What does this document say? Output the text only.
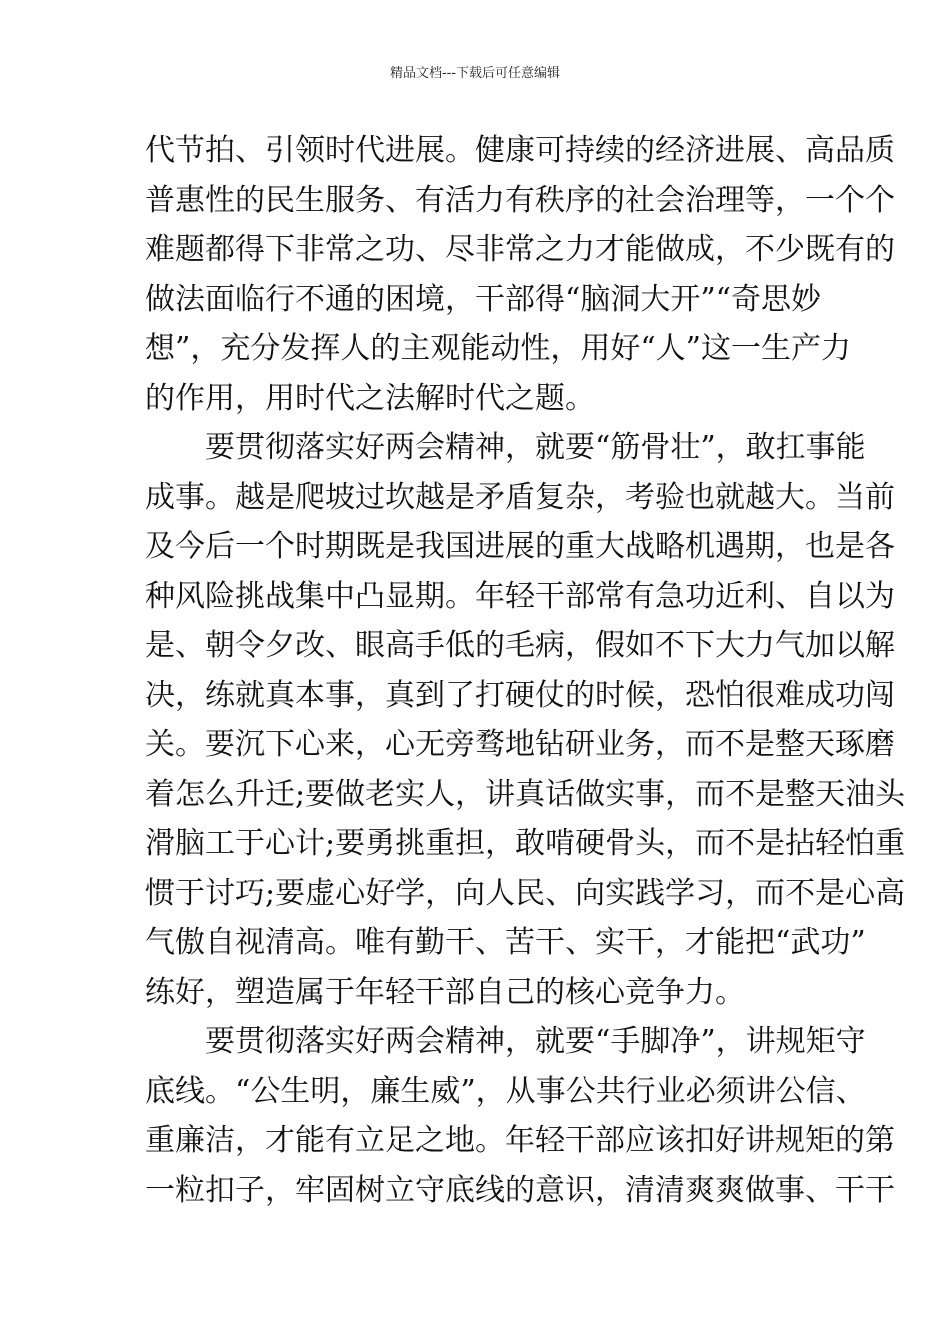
精品文档---下载后可任意编辑
代节拍、引领时代进展。健康可持续的经济进展、高品质
普惠性的民生服务、有活力有秩序的社会治理等，一个个
难题都得下非常之功、尽非常之力才能做成，不少既有的
做法面临行不通的困境，干部得“脑洞大开”“奇思妙
想”，充分发挥人的主观能动性，用好“人”这一生产力
的作用，用时代之法解时代之题。
要贯彻落实好两会精神，就要“筋骨壮”，敢扛事能
成事。越是爬坡过坎越是矛盾复杂，考验也就越大。当前
及今后一个时期既是我国进展的重大战略机遇期，也是各
种风险挑战集中凸显期。年轻干部常有急功近利、自以为
是、朝令夕改、眼高手低的毛病，假如不下大力气加以解
决，练就真本事，真到了打硬仗的时候，恐怕很难成功闯
关。要沉下心来，心无旁骛地钻研业务，而不是整天琢磨
着怎么升迁;要做老实人，讲真话做实事，而不是整天油头
滑脑工于心计;要勇挑重担，敢啃硬骨头，而不是拈轻怕重
惯于讨巧;要虚心好学，向人民、向实践学习，而不是心高
气傲自视清高。唯有勤干、苦干、实干，才能把“武功”
练好，塑造属于年轻干部自己的核心竞争力。
要贯彻落实好两会精神，就要“手脚净”，讲规矩守
底线。“公生明，廉生威”，从事公共行业必须讲公信、
重廉洁，才能有立足之地。年轻干部应该扣好讲规矩的第
一粒扣子，牢固树立守底线的意识，清清爽爽做事、干干
